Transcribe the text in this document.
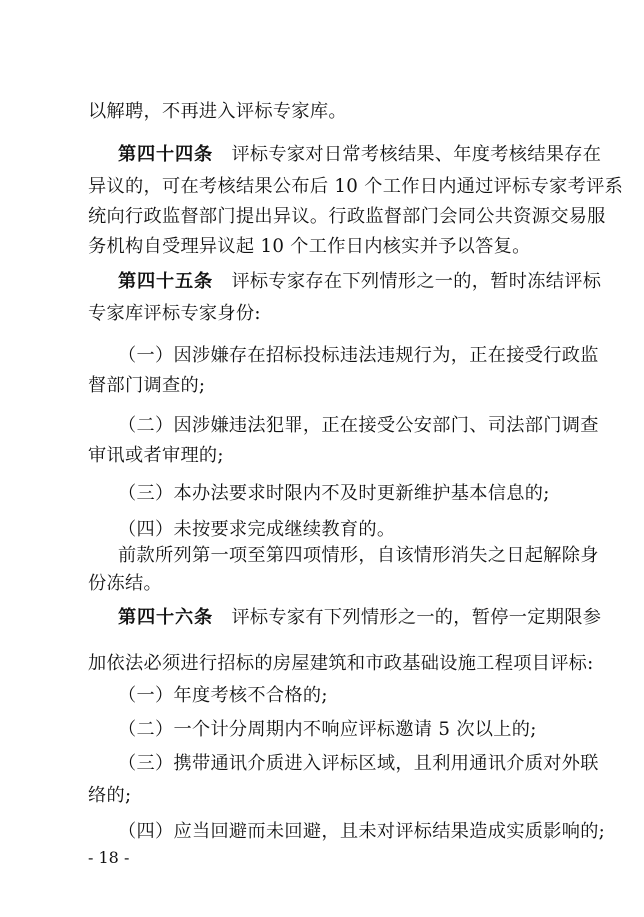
以解聘，不再进入评标专家库。
第四十四条　评标专家对日常考核结果、年度考核结果存在
异议的，可在考核结果公布后 10 个工作日内通过评标专家考评系
统向行政监督部门提出异议。行政监督部门会同公共资源交易服
务机构自受理异议起 10 个工作日内核实并予以答复。
第四十五条　评标专家存在下列情形之一的，暂时冻结评标
专家库评标专家身份:
（一）因涉嫌存在招标投标违法违规行为，正在接受行政监
督部门调查的;
（二）因涉嫌违法犯罪，正在接受公安部门、司法部门调查
审讯或者审理的;
（三）本办法要求时限内不及时更新维护基本信息的;
（四）未按要求完成继续教育的。
前款所列第一项至第四项情形，自该情形消失之日起解除身
份冻结。
第四十六条　评标专家有下列情形之一的，暂停一定期限参
加依法必须进行招标的房屋建筑和市政基础设施工程项目评标:
（一）年度考核不合格的;
（二）一个计分周期内不响应评标邀请 5 次以上的;
（三）携带通讯介质进入评标区域，且利用通讯介质对外联
络的;
（四）应当回避而未回避，且未对评标结果造成实质影响的;
- 18 -
